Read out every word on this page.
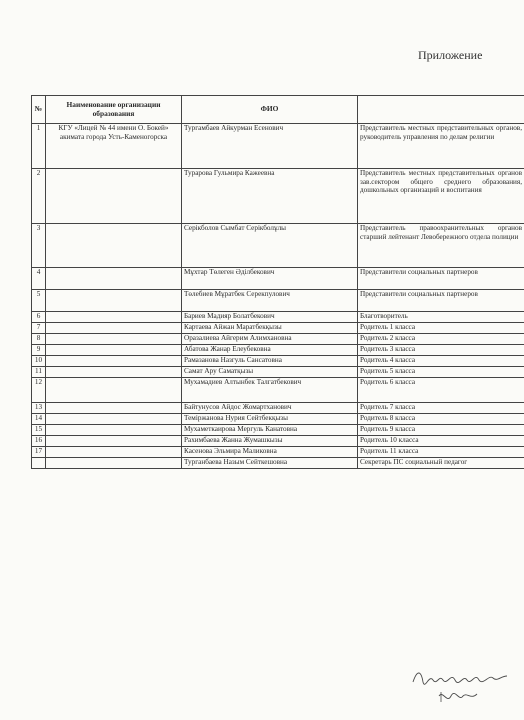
Приложение
№	Наименование организации образования	ФИО	
1	КГУ «Лицей № 44 имени О. Бокей» акимата города Усть-Каменогорска	Тургамбаев Айкурман Есенович	Представитель местных представительных органов, руководитель управления по делам религии
2		Турарова Гульмира Кажеевна	Представитель местных представительных органов зав.сектором общего среднего образования, дошкольных организаций и воспитания
3		Серікболов Сымбат Серікболұлы	Представитель правоохранительных органов старший лейтенант Левобережного отдела полиции
4		Мұхтар Төлеген Әділбекович	Представители социальных партнеров
5		Төлебиев Мұратбек Серекпулович	Представители социальных партнеров
6		Бариев Мадияр Болатбекович	Благотворитель
7		Картаева Айжан Маратбекқызы	Родитель 1 класса
8		Оразалиева Айгерим Алимхановна	Родитель 2 класса
9		Абатова Жанар Елеубековна	Родитель 3 класса
10		Рамазанова Назгуль Сансатовна	Родитель 4 класса
11		Самат Ару Саматқызы	Родитель 5 класса
12		Мухамадиев Алтынбек Талгатбекович	Родитель 6 класса
13		Байтунусов Айдос Жомартханович	Родитель 7 класса
14		Теміржанова Нурия Сейтбекқызы	Родитель 8 класса
15		Мухаметкаирова Мергуль Канатовна	Родитель 9 класса
16		Рахимбаева Жанна Жумашкызы	Родитель 10 класса
17		Касенова Эльмира Маликовна	Родитель 11 класса
		Турганбаева Назым Сейткешовна	Секретарь ПС социальный педагог
